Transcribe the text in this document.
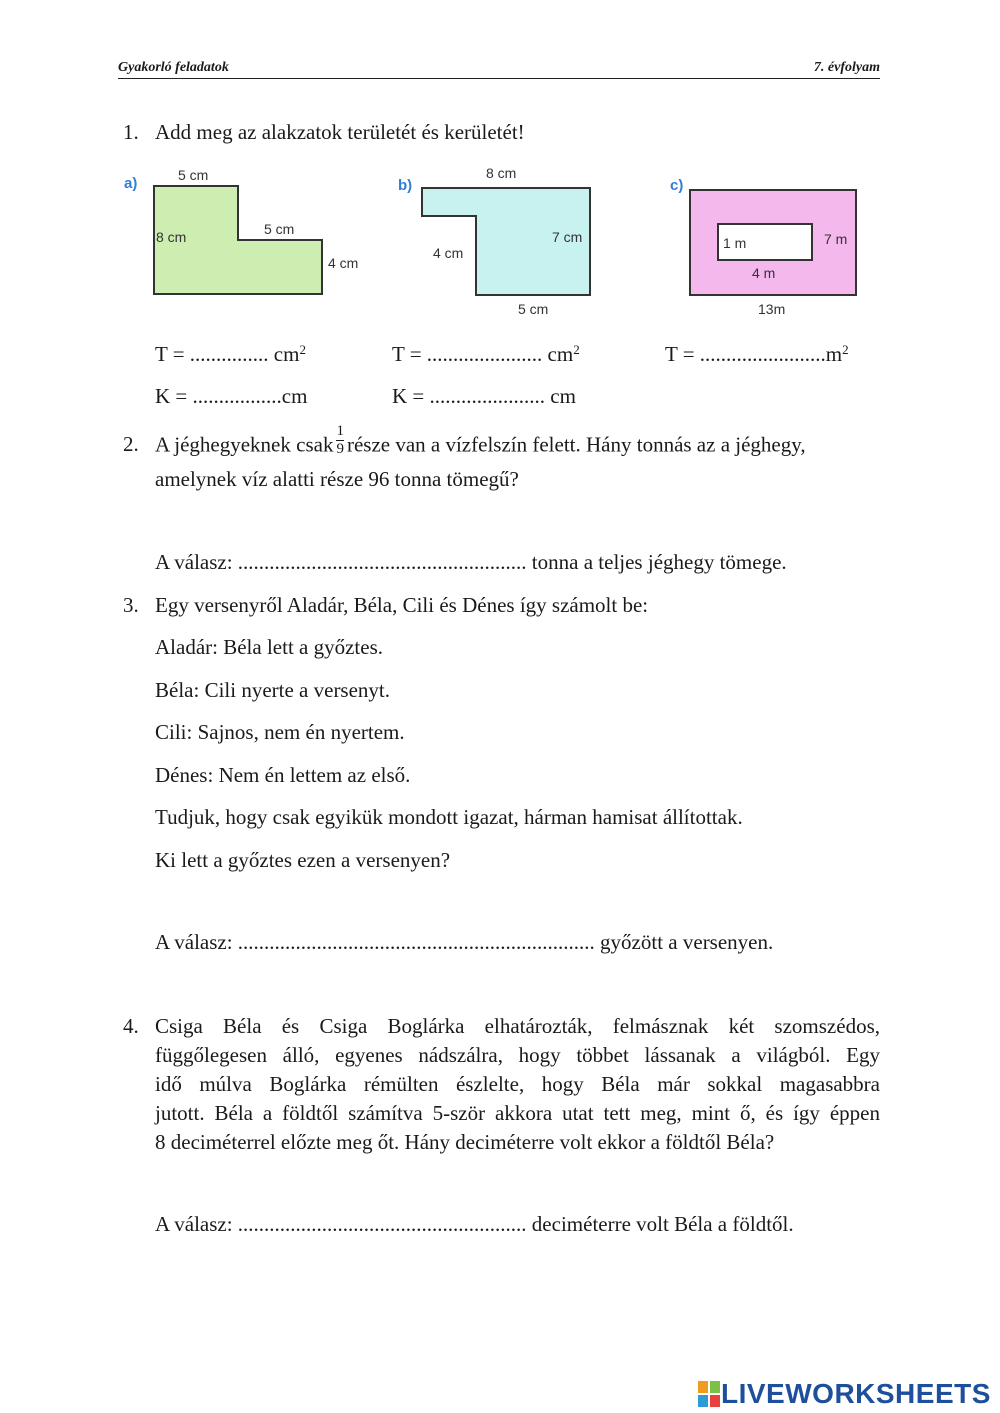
Gyakorló feladatok	7. évfolyam
1. Add meg az alakzatok területét és kerületét!
a)	5 cm
8 cm	5 cm
4 cm
b)
8 cm
4 cm
7 cm
5 cm
c)
1 m	7 m
4 m
13m
T = ............... $cm^2$	T = ...................... $cm^2$	$T = ........................m^2$
K = .................cm	K = ...................... cm
2. A jéghegyeknek csak $\frac{1}{9}$ része van a vízfelszín felett. Hány tonnás az a jéghegy,
amelynek víz alatti része 96 tonna tömegű?
A válasz: ....................................................... tonna a teljes jéghegy tömege.
3. Egy versenyről Aladár, Béla, Cili és Dénes így számolt be:
Aladár: Béla lett a győztes.
Béla: Cili nyerte a versenyt.
Cili: Sajnos, nem én nyertem.
Dénes: Nem én lettem az első.
Tudjuk, hogy csak egyikük mondott igazat, hárman hamisat állítottak.
Ki lett a győztes ezen a versenyen?
A válasz: .................................................................... győzött a versenyen.
4. Csiga Béla és Csiga Boglárka elhatározták, felmásznak két szomszédos,
függőlegesen álló, egyenes nádszálra, hogy többet lássanak a világból. Egy
idő múlva Boglárka rémülten észlelte, hogy Béla már sokkal magasabbra
jutott. Béla a földtől számítva 5-ször akkora utat tett meg, mint ő, és így éppen
8 deciméterrel előzte meg őt. Hány deciméterre volt ekkor a földtől Béla?
A válasz: ....................................................... deciméterre volt Béla a földtől.
LIVEWORKSHEETS
